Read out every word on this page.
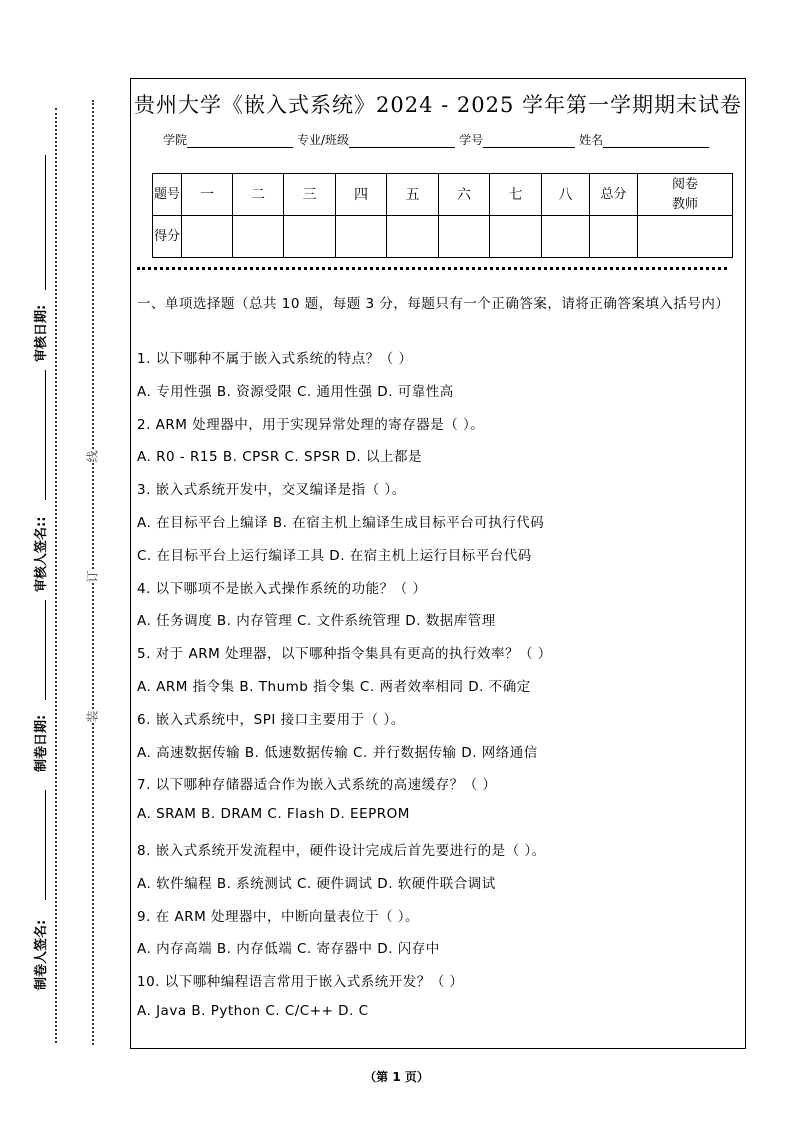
线
订
装
审核日期:
审核人签名::
制卷日期:
制卷人签名:
贵州大学《嵌入式系统》2024 - 2025 学年第一学期期末试卷
学院	专业/班级	学号	姓名
题号	一	二	三	四	五	六	七	八	总分	阅卷教师
得分										
一、单项选择题（总共 10 题，每题 3 分，每题只有一个正确答案，请将正确答案填入括号内）
1. 以下哪种不属于嵌入式系统的特点？（ ）
A. 专用性强 B. 资源受限 C. 通用性强 D. 可靠性高
2. ARM 处理器中，用于实现异常处理的寄存器是（ ）。
A. R0 - R15 B. CPSR C. SPSR D. 以上都是
3. 嵌入式系统开发中，交叉编译是指（ ）。
A. 在目标平台上编译 B. 在宿主机上编译生成目标平台可执行代码
C. 在目标平台上运行编译工具 D. 在宿主机上运行目标平台代码
4. 以下哪项不是嵌入式操作系统的功能？（ ）
A. 任务调度 B. 内存管理 C. 文件系统管理 D. 数据库管理
5. 对于 ARM 处理器，以下哪种指令集具有更高的执行效率？（ ）
A. ARM 指令集 B. Thumb 指令集 C. 两者效率相同 D. 不确定
6. 嵌入式系统中，SPI 接口主要用于（ ）。
A. 高速数据传输 B. 低速数据传输 C. 并行数据传输 D. 网络通信
7. 以下哪种存储器适合作为嵌入式系统的高速缓存？（ ）
A. SRAM B. DRAM C. Flash D. EEPROM
8. 嵌入式系统开发流程中，硬件设计完成后首先要进行的是（ ）。
A. 软件编程 B. 系统测试 C. 硬件调试 D. 软硬件联合调试
9. 在 ARM 处理器中，中断向量表位于（ ）。
A. 内存高端 B. 内存低端 C. 寄存器中 D. 闪存中
10. 以下哪种编程语言常用于嵌入式系统开发？（ ）
A. Java B. Python C. C/C++ D. C
（第 1 页）
